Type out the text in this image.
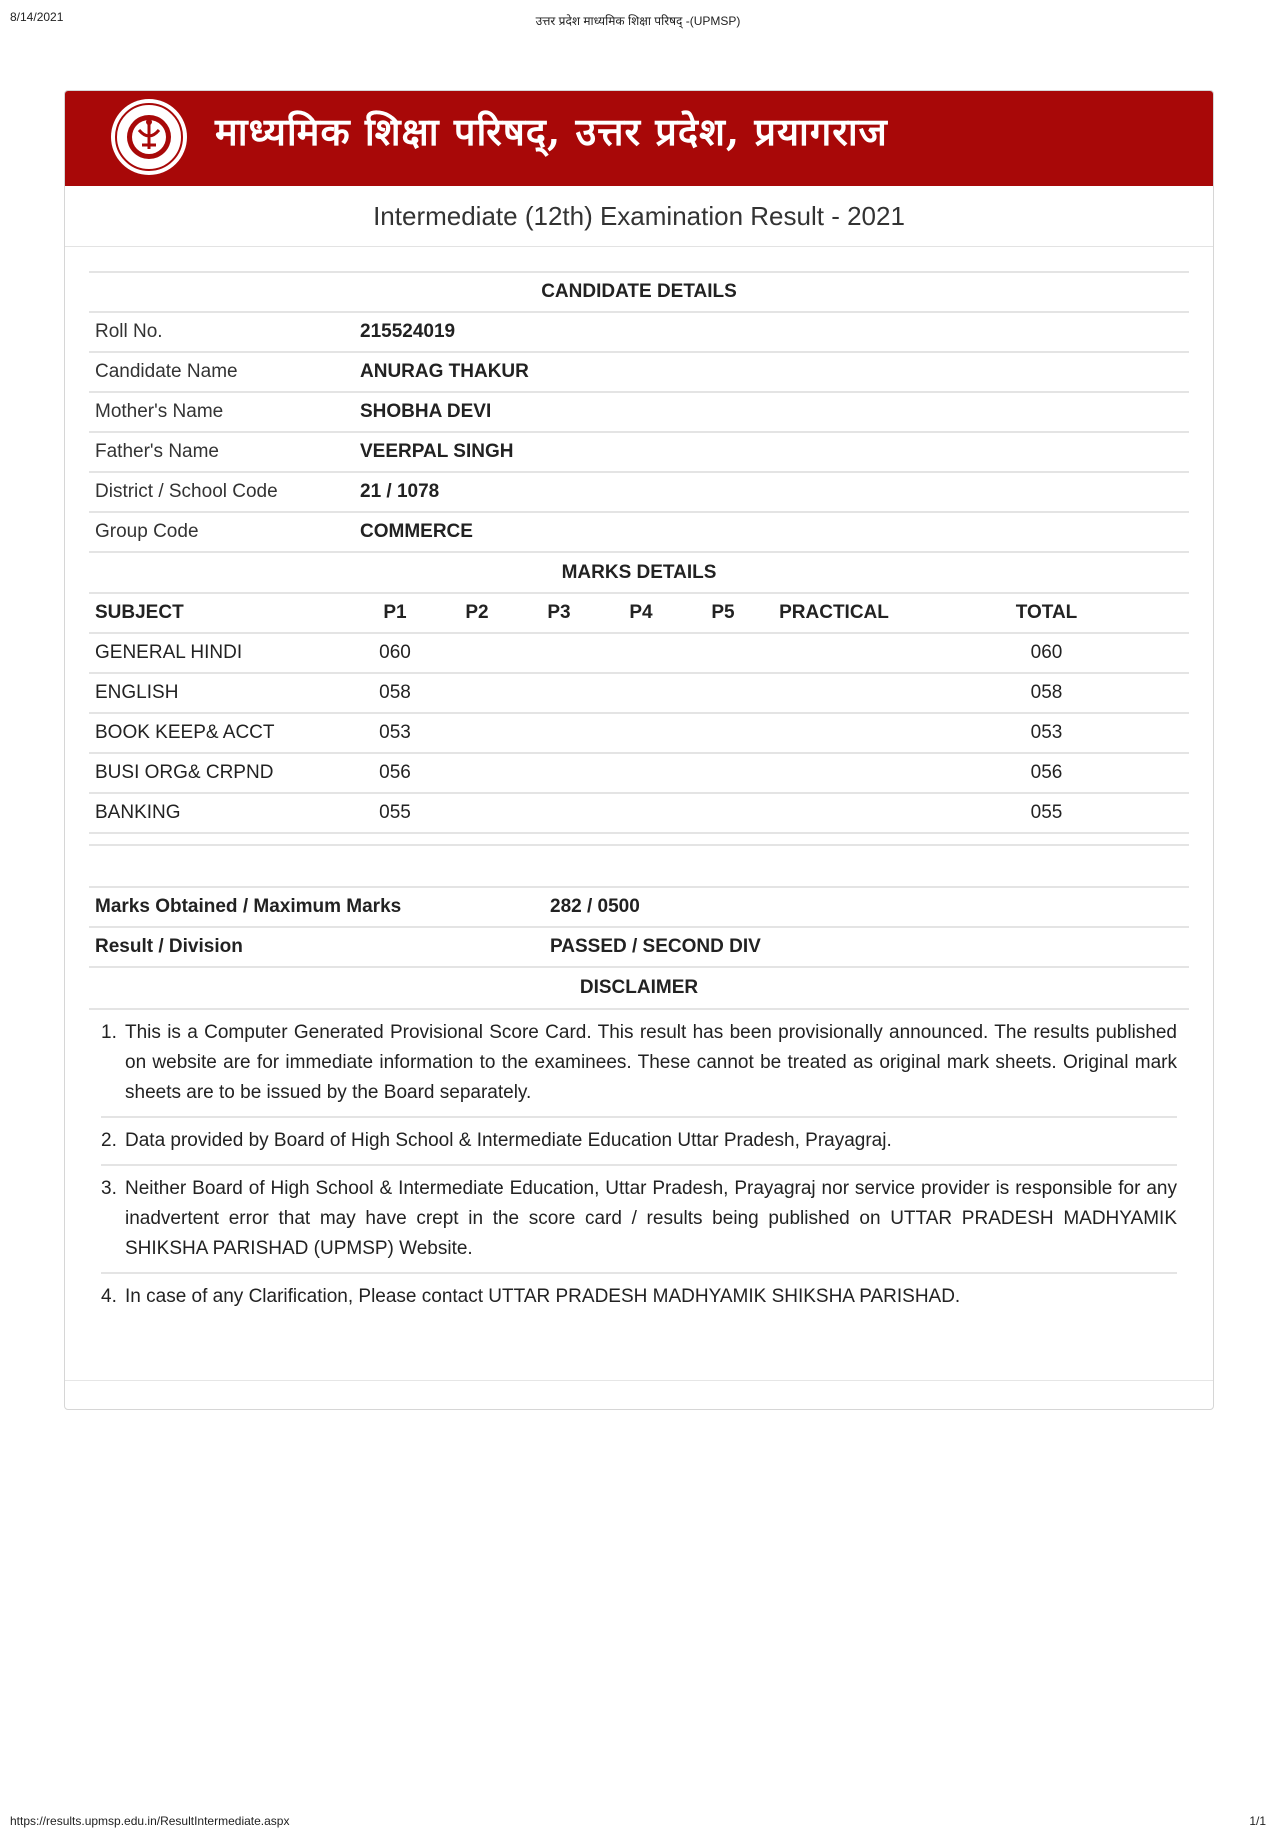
8/14/2021	उत्तर प्रदेश माध्यमिक शिक्षा परिषद् -(UPMSP)
माध्यमिक शिक्षा परिषद्, उत्तर प्रदेश, प्रयागराज
Intermediate (12th) Examination Result - 2021
CANDIDATE DETAILS	
Roll No.	215524019
Candidate Name	ANURAG THAKUR
Mother's Name	SHOBHA DEVI
Father's Name	VEERPAL SINGH
District / School Code	21 / 1078
Group Code	COMMERCE
MARKS DETAILS							
SUBJECT	P1	P2	P3	P4	P5	PRACTICAL	TOTAL
GENERAL HINDI	060						060
ENGLISH	058						058
BOOK KEEP& ACCT	053						053
BUSI ORG& CRPND	056						056
BANKING	055						055

Marks Obtained / Maximum Marks	282 / 0500
Result / Division	PASSED / SECOND DIV
DISCLAIMER
1. This is a Computer Generated Provisional Score Card. This result has been provisionally announced. The results published on website are for immediate information to the examinees. These cannot be treated as original mark sheets. Original mark sheets are to be issued by the Board separately.
2. Data provided by Board of High School & Intermediate Education Uttar Pradesh, Prayagraj.
3. Neither Board of High School & Intermediate Education, Uttar Pradesh, Prayagraj nor service provider is responsible for any inadvertent error that may have crept in the score card / results being published on UTTAR PRADESH MADHYAMIK SHIKSHA PARISHAD (UPMSP) Website.
4. In case of any Clarification, Please contact UTTAR PRADESH MADHYAMIK SHIKSHA PARISHAD.
https://results.upmsp.edu.in/ResultIntermediate.aspx	1/1
